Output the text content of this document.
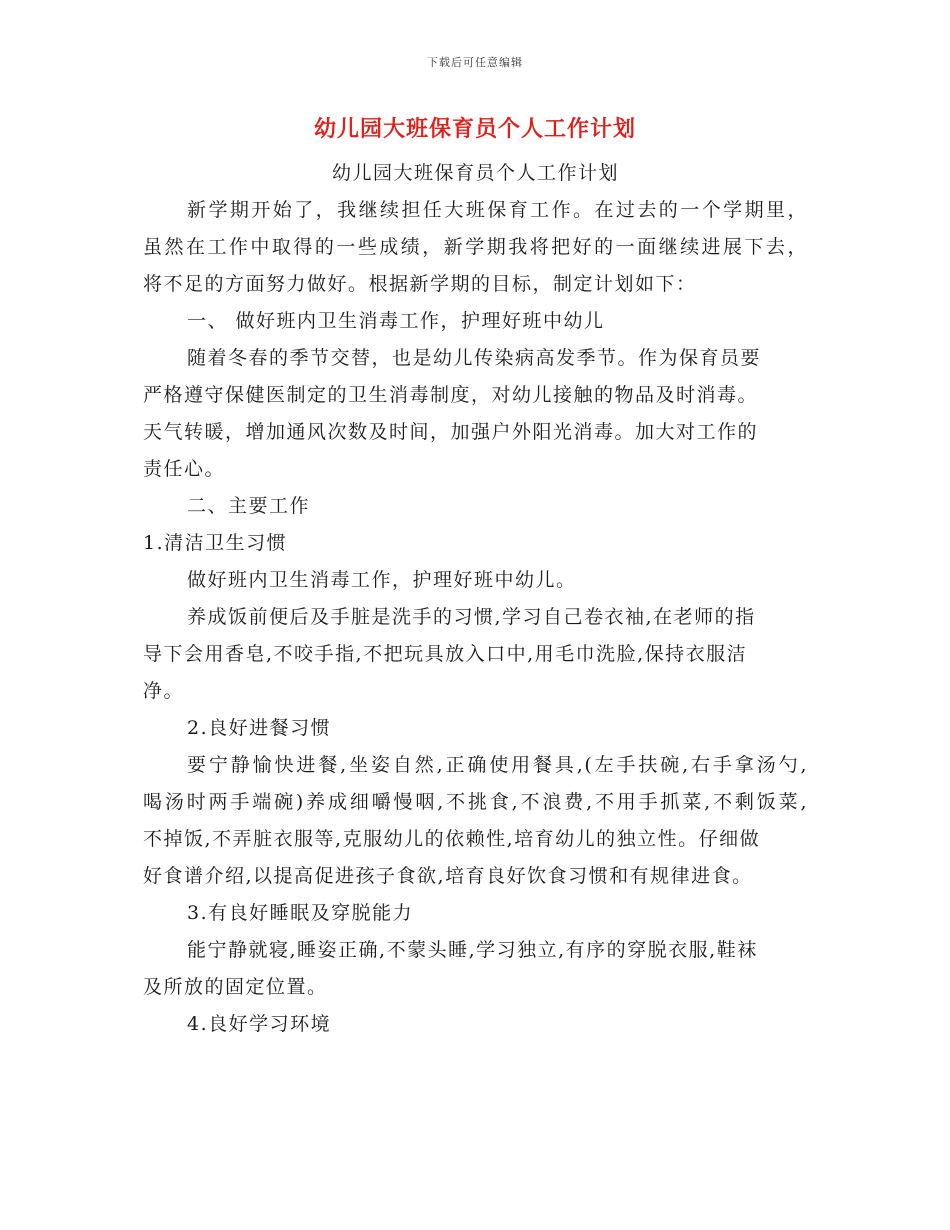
下载后可任意编辑
幼儿园大班保育员个人工作计划
幼儿园大班保育员个人工作计划
新学期开始了，我继续担任大班保育工作。在过去的一个学期里，
虽然在工作中取得的一些成绩，新学期我将把好的一面继续进展下去，
将不足的方面努力做好。根据新学期的目标，制定计划如下：
一、 做好班内卫生消毒工作，护理好班中幼儿
随着冬春的季节交替，也是幼儿传染病高发季节。作为保育员要
严格遵守保健医制定的卫生消毒制度，对幼儿接触的物品及时消毒。
天气转暖，增加通风次数及时间，加强户外阳光消毒。加大对工作的
责任心。
二、主要工作
1.清洁卫生习惯
做好班内卫生消毒工作，护理好班中幼儿。
养成饭前便后及手脏是洗手的习惯,学习自己卷衣袖,在老师的指
导下会用香皂,不咬手指,不把玩具放入口中,用毛巾洗脸,保持衣服洁
净。
2.良好进餐习惯
要宁静愉快进餐,坐姿自然,正确使用餐具,(左手扶碗,右手拿汤勺,
喝汤时两手端碗)养成细嚼慢咽,不挑食,不浪费,不用手抓菜,不剩饭菜,
不掉饭,不弄脏衣服等,克服幼儿的依赖性,培育幼儿的独立性。仔细做
好食谱介绍,以提高促进孩子食欲,培育良好饮食习惯和有规律进食。
3.有良好睡眠及穿脱能力
能宁静就寝,睡姿正确,不蒙头睡,学习独立,有序的穿脱衣服,鞋袜
及所放的固定位置。
4.良好学习环境
